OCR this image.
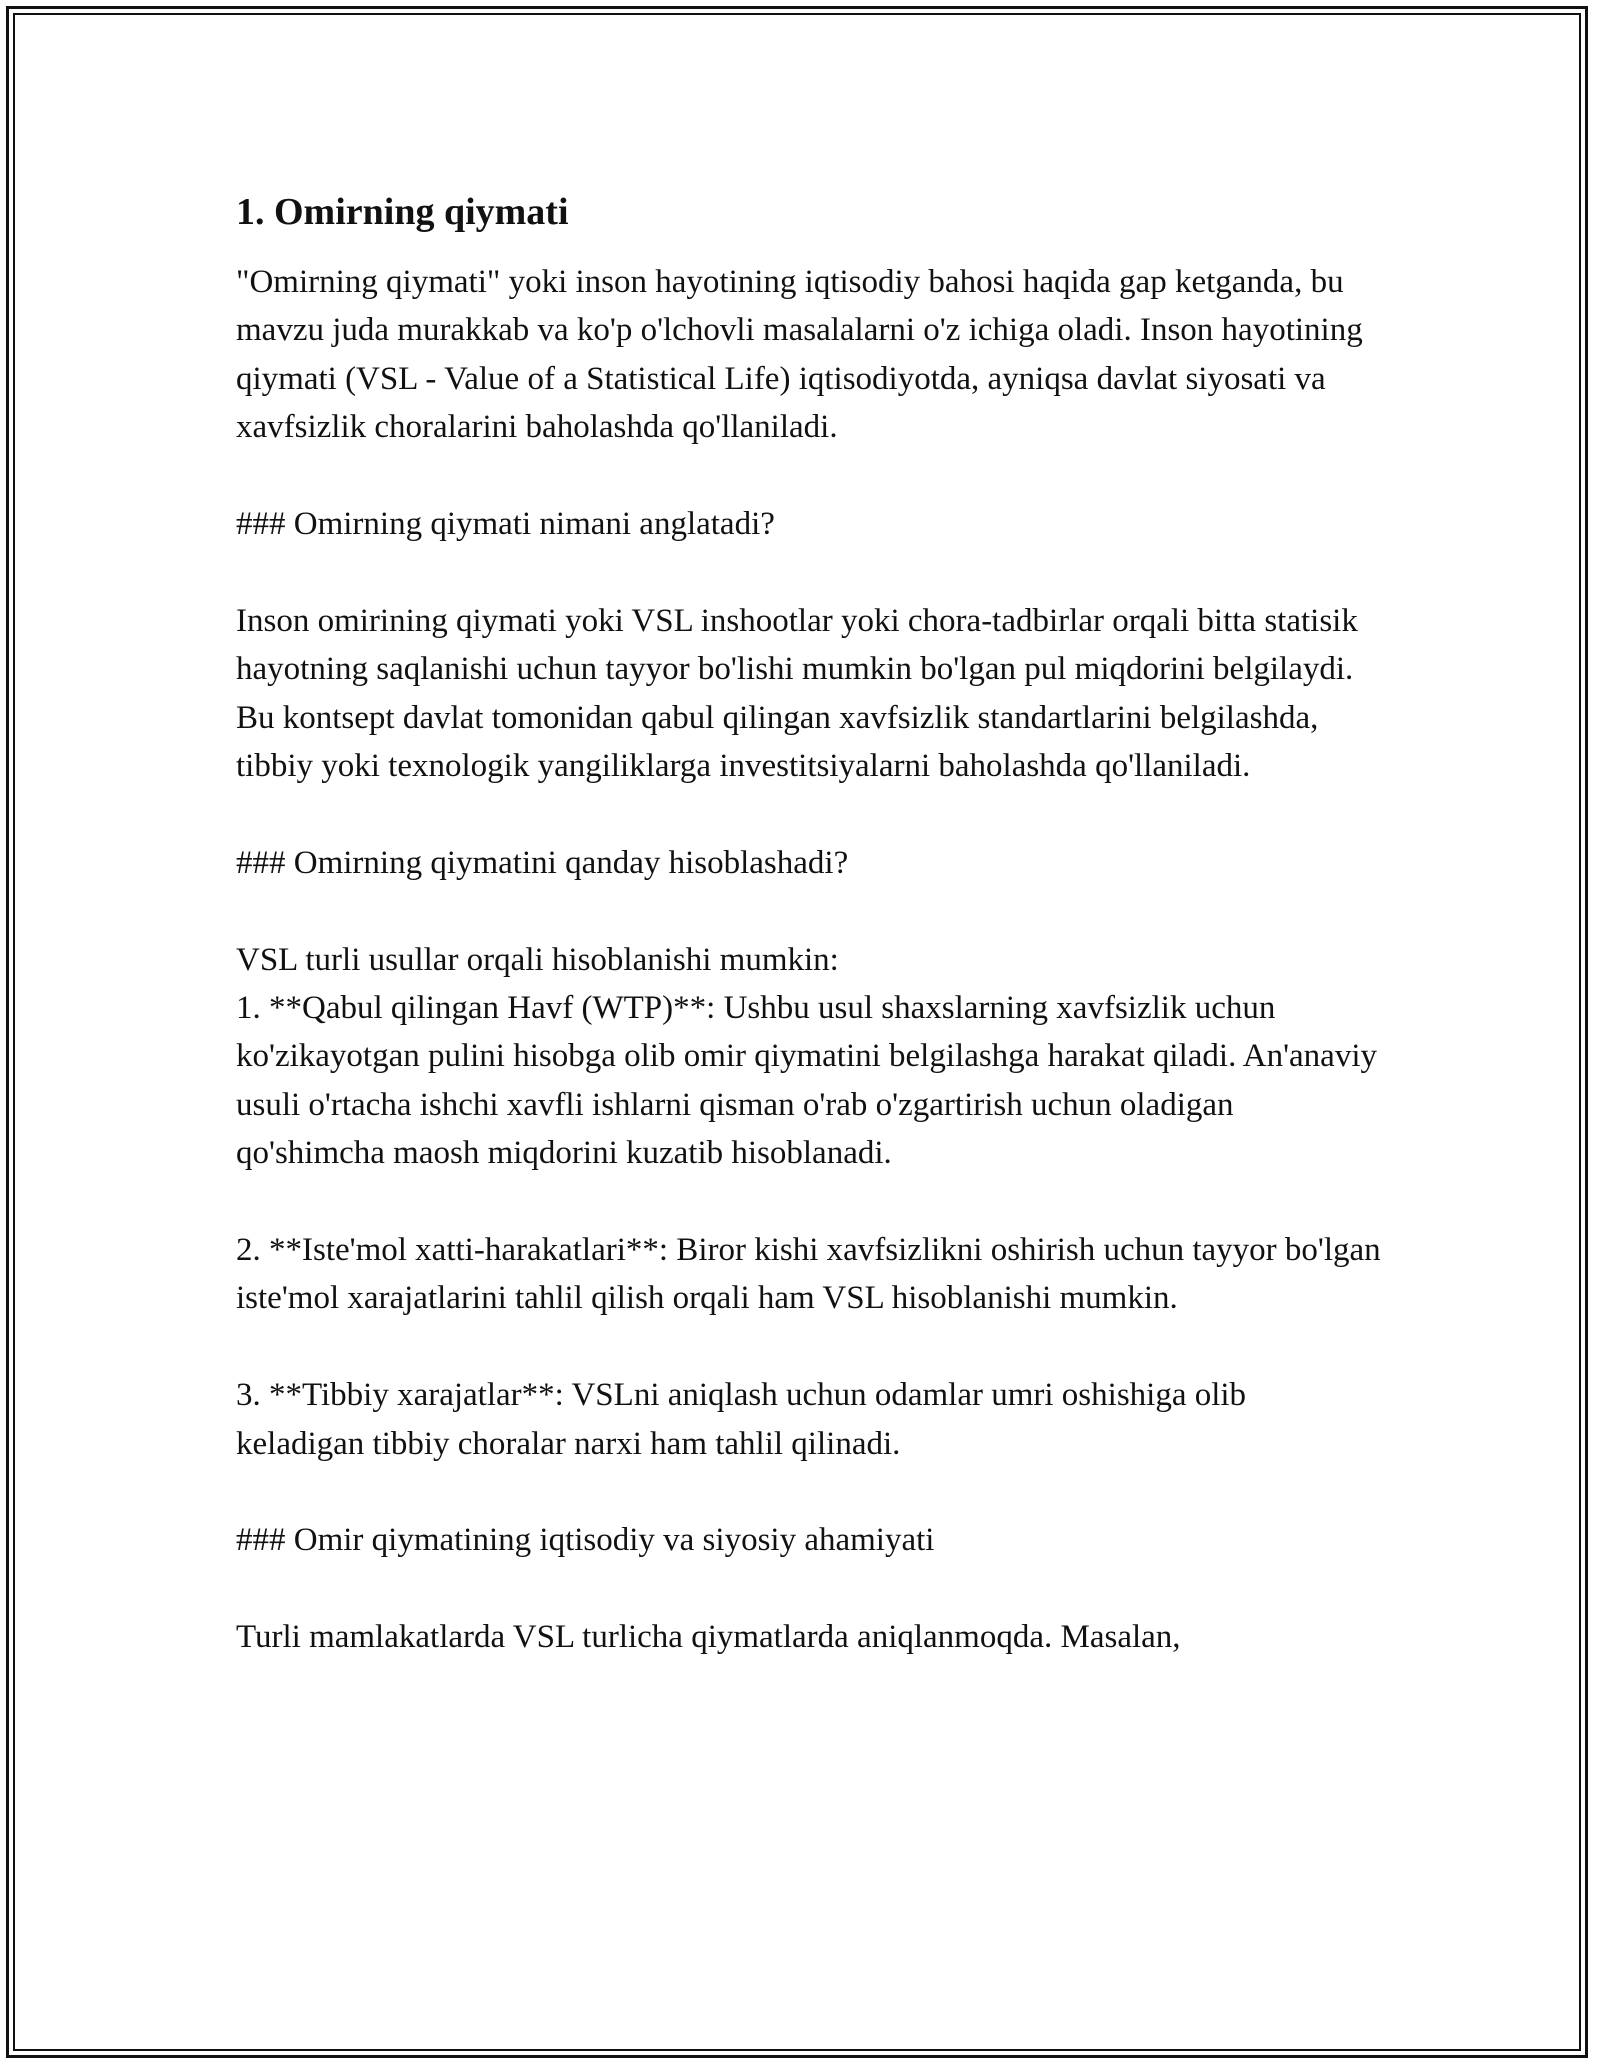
1. Omirning qiymati

"Omirning qiymati" yoki inson hayotining iqtisodiy bahosi haqida gap ketganda, bu mavzu juda murakkab va ko'p o'lchovli masalalarni o'z ichiga oladi. Inson hayotining qiymati (VSL - Value of a Statistical Life) iqtisodiyotda, ayniqsa davlat siyosati va xavfsizlik choralarini baholashda qo'llaniladi.

### Omirning qiymati nimani anglatadi?

Inson omirining qiymati yoki VSL inshootlar yoki chora-tadbirlar orqali bitta statisik hayotning saqlanishi uchun tayyor bo'lishi mumkin bo'lgan pul miqdorini belgilaydi. Bu kontsept davlat tomonidan qabul qilingan xavfsizlik standartlarini belgilashda, tibbiy yoki texnologik yangiliklarga investitsiyalarni baholashda qo'llaniladi.

### Omirning qiymatini qanday hisoblashadi?

VSL turli usullar orqali hisoblanishi mumkin:

1. **Qabul qilingan Havf (WTP)**: Ushbu usul shaxslarning xavfsizlik uchun ko'zikayotgan pulini hisobga olib omir qiymatini belgilashga harakat qiladi. An'anaviy usuli o'rtacha ishchi xavfli ishlarni qisman o'rab o'zgartirish uchun oladigan qo'shimcha maosh miqdorini kuzatib hisoblanadi.

2. **Iste'mol xatti-harakatlari**: Biror kishi xavfsizlikni oshirish uchun tayyor bo'lgan iste'mol xarajatlarini tahlil qilish orqali ham VSL hisoblanishi mumkin.

3. **Tibbiy xarajatlar**: VSLni aniqlash uchun odamlar umri oshishiga olib keladigan tibbiy choralar narxi ham tahlil qilinadi.

### Omir qiymatining iqtisodiy va siyosiy ahamiyati

Turli mamlakatlarda VSL turlicha qiymatlarda aniqlanmoqda. Masalan,
